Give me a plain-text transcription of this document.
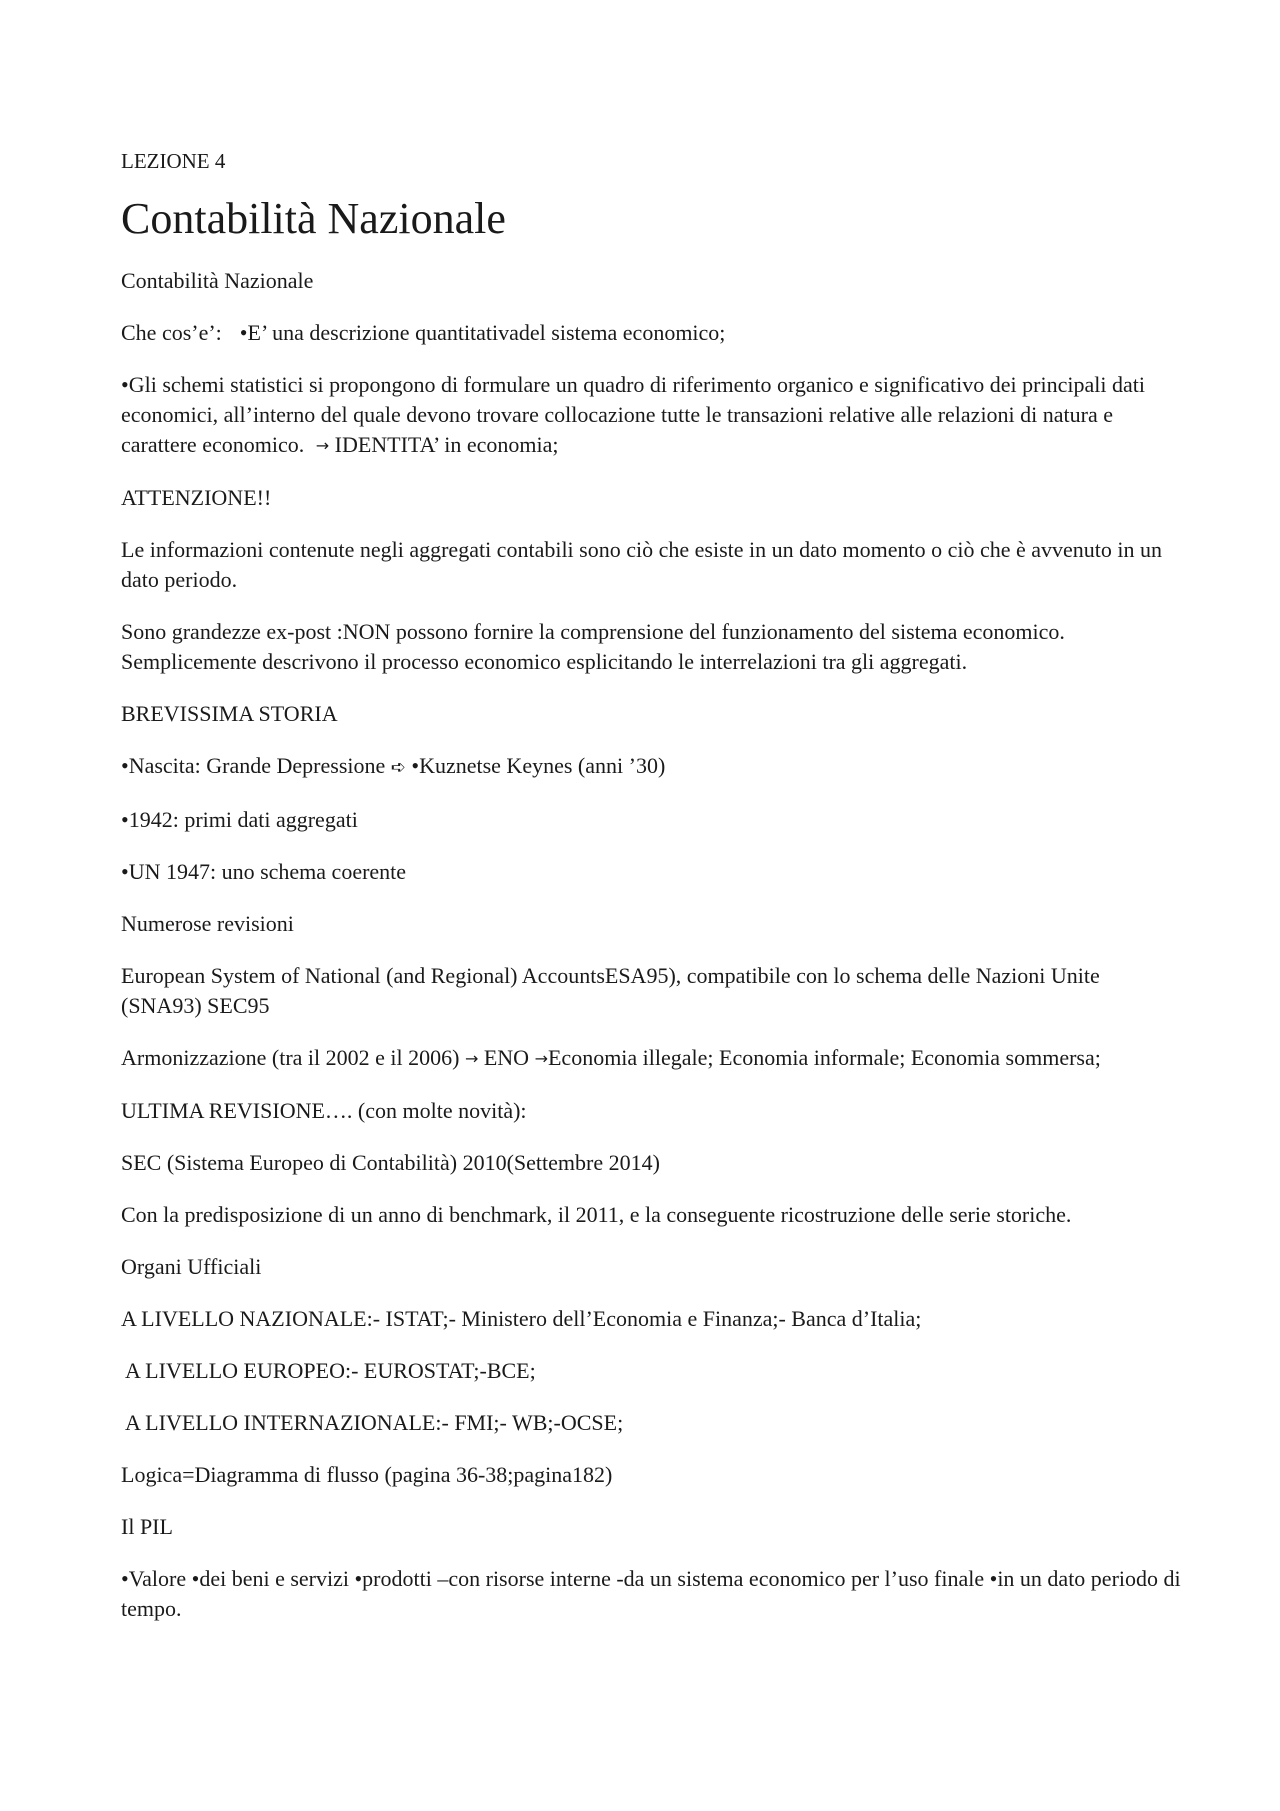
LEZIONE 4
Contabilità Nazionale
Contabilità Nazionale
Che cos’e’: •E’ una descrizione quantitativadel sistema economico;
•Gli schemi statistici si propongono di formulare un quadro di riferimento organico e significativo dei principali dati economici, all’interno del quale devono trovare collocazione tutte le transazioni relative alle relazioni di natura e carattere economico. → IDENTITA’ in economia;
ATTENZIONE!!
Le informazioni contenute negli aggregati contabili sono ciò che esiste in un dato momento o ciò che è avvenuto in un dato periodo.
Sono grandezze ex-post :NON possono fornire la comprensione del funzionamento del sistema economico. Semplicemente descrivono il processo economico esplicitando le interrelazioni tra gli aggregati.
BREVISSIMA STORIA
•Nascita: Grande Depressione ➪ •Kuznetse Keynes (anni ’30)
•1942: primi dati aggregati
•UN 1947: uno schema coerente
Numerose revisioni
European System of National (and Regional) AccountsESA95), compatibile con lo schema delle Nazioni Unite (SNA93) SEC95
Armonizzazione (tra il 2002 e il 2006) → ENO →Economia illegale; Economia informale; Economia sommersa;
ULTIMA REVISIONE…. (con molte novità):
SEC (Sistema Europeo di Contabilità) 2010(Settembre 2014)
Con la predisposizione di un anno di benchmark, il 2011, e la conseguente ricostruzione delle serie storiche.
Organi Ufficiali
A LIVELLO NAZIONALE:- ISTAT;- Ministero dell’Economia e Finanza;- Banca d’Italia;
A LIVELLO EUROPEO:- EUROSTAT;-BCE;
A LIVELLO INTERNAZIONALE:- FMI;- WB;-OCSE;
Logica=Diagramma di flusso (pagina 36-38;pagina182)
Il PIL
•Valore •dei beni e servizi •prodotti –con risorse interne -da un sistema economico per l’uso finale •in un dato periodo di tempo.
